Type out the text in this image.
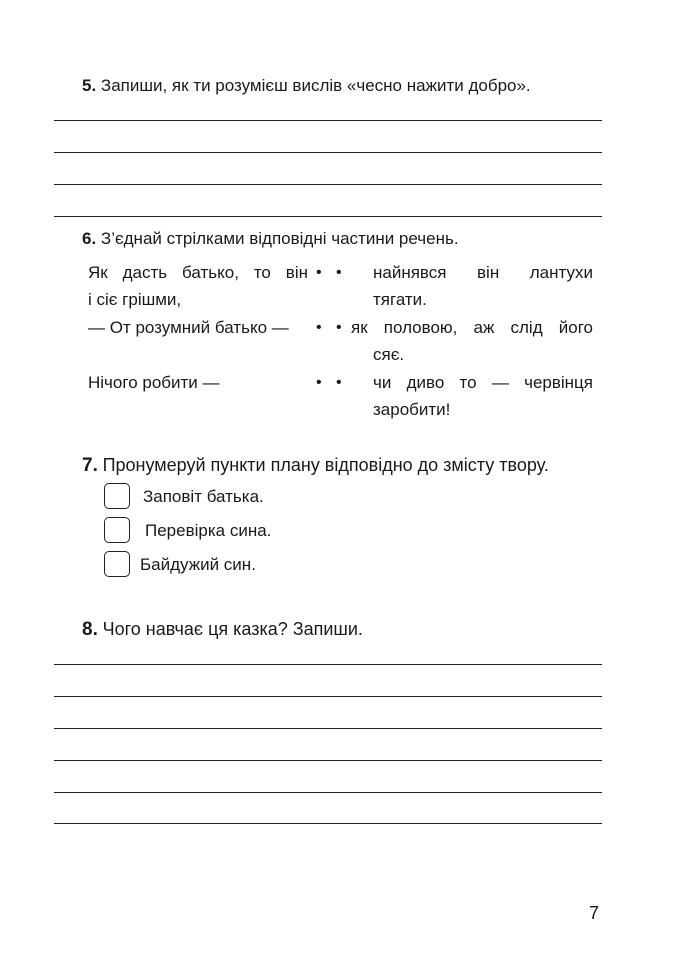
5. Запиши, як ти розумієш вислів «чесно нажити добро».
6. З’єднай стрілками відповідні частини речень.
Як дасть батько, то він
і сіє грішми,
— От розумний батько —
Нічого робити —
•
•
•
•
•
•
найнявся він лантухи
тягати.
як половою, аж слід його
сяє.
чи диво то — червінця
заробити!
7. Пронумеруй пункти плану відповідно до змісту твору.
Заповіт батька.
Перевірка сина.
Байдужий син.
8. Чого навчає ця казка? Запиши.
7
